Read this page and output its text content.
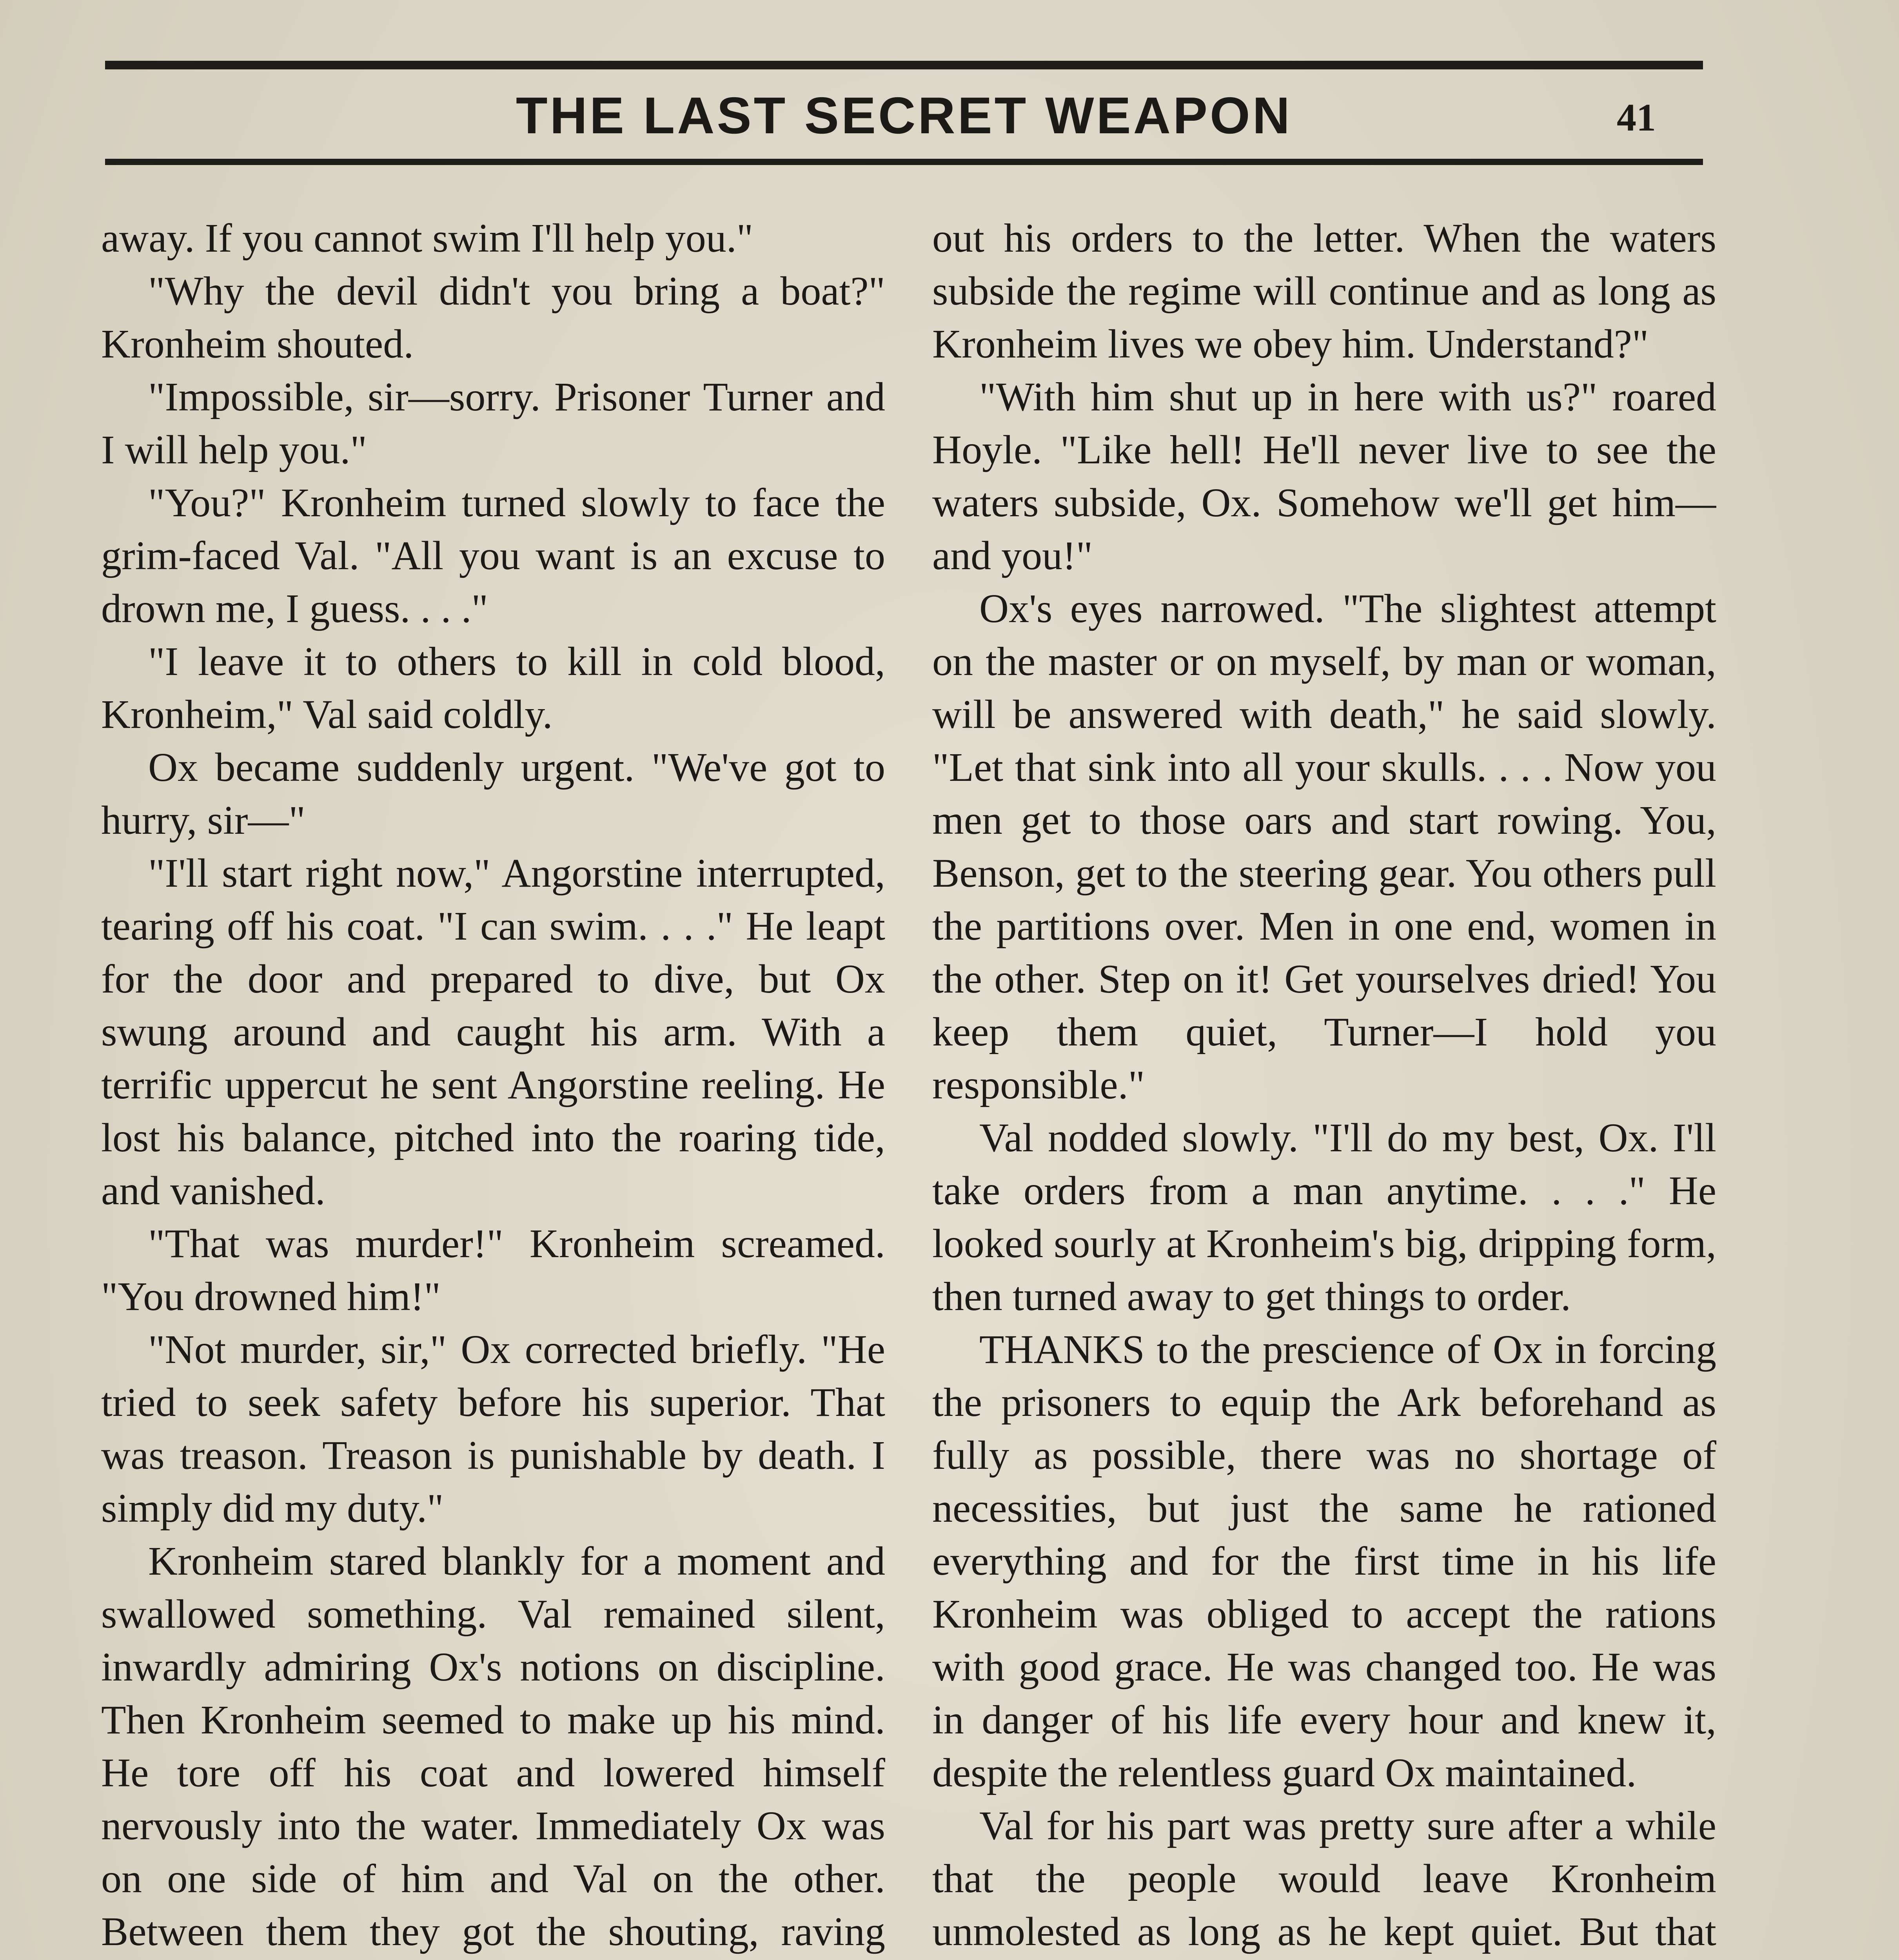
THE LAST SECRET WEAPON	41

away. If you cannot swim I'll help you."

"Why the devil didn't you bring a boat?" Kronheim shouted.

"Impossible, sir—sorry. Prisoner Turner and I will help you."

"You?" Kronheim turned slowly to face the grim-faced Val. "All you want is an excuse to drown me, I guess. . . ."

"I leave it to others to kill in cold blood, Kronheim," Val said coldly.

Ox became suddenly urgent. "We've got to hurry, sir—"

"I'll start right now," Angorstine interrupted, tearing off his coat. "I can swim. . . ." He leapt for the door and prepared to dive, but Ox swung around and caught his arm. With a terrific uppercut he sent Angorstine reeling. He lost his balance, pitched into the roaring tide, and vanished.

"That was murder!" Kronheim screamed. "You drowned him!"

"Not murder, sir," Ox corrected briefly. "He tried to seek safety before his superior. That was treason. Treason is punishable by death. I simply did my duty."

Kronheim stared blankly for a moment and swallowed something. Val remained silent, inwardly admiring Ox's notions on discipline. Then Kronheim seemed to make up his mind. He tore off his coat and lowered himself nervously into the water. Immediately Ox was on one side of him and Val on the other. Between them they got the shouting, raving

out his orders to the letter. When the waters subside the regime will continue and as long as Kronheim lives we obey him. Understand?"

"With him shut up in here with us?" roared Hoyle. "Like hell! He'll never live to see the waters subside, Ox. Somehow we'll get him—and you!"

Ox's eyes narrowed. "The slightest attempt on the master or on myself, by man or woman, will be answered with death," he said slowly. "Let that sink into all your skulls. . . . Now you men get to those oars and start rowing. You, Benson, get to the steering gear. You others pull the partitions over. Men in one end, women in the other. Step on it! Get yourselves dried! You keep them quiet, Turner—I hold you responsible."

Val nodded slowly. "I'll do my best, Ox. I'll take orders from a man anytime. . . ." He looked sourly at Kronheim's big, dripping form, then turned away to get things to order.

THANKS to the prescience of Ox in forcing the prisoners to equip the Ark beforehand as fully as possible, there was no shortage of necessities, but just the same he rationed everything and for the first time in his life Kronheim was obliged to accept the rations with good grace. He was changed too. He was in danger of his life every hour and knew it, despite the relentless guard Ox maintained.

Val for his part was pretty sure after a while that the people would leave Kronheim unmolested as long as he kept quiet. But that
